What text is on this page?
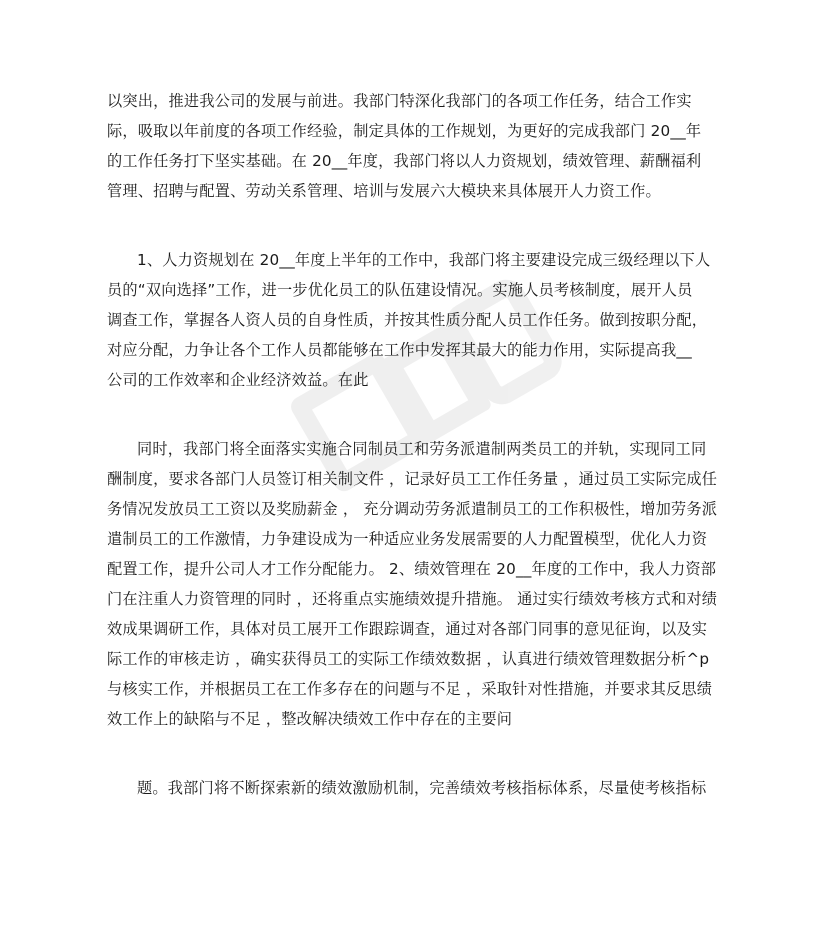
以突出，推进我公司的发展与前进。我部门特深化我部门的各项工作任务，结合工作实
际，吸取以年前度的各项工作经验，制定具体的工作规划，为更好的完成我部门 20__年
的工作任务打下坚实基础。在 20__年度，我部门将以人力资规划，绩效管理、薪酬福利
管理、招聘与配置、劳动关系管理、培训与发展六大模块来具体展开人力资工作。
1、人力资规划在 20__年度上半年的工作中，我部门将主要建设完成三级经理以下人
员的“双向选择”工作，进一步优化员工的队伍建设情况。实施人员考核制度，展开人员
调查工作，掌握各人资人员的自身性质，并按其性质分配人员工作任务。做到按职分配，
对应分配，力争让各个工作人员都能够在工作中发挥其最大的能力作用，实际提高我__
公司的工作效率和企业经济效益。在此
同时，我部门将全面落实实施合同制员工和劳务派遣制两类员工的并轨，实现同工同
酬制度，要求各部门人员签订相关制文件 ，记录好员工工作任务量 ，通过员工实际完成任
务情况发放员工工资以及奖励薪金 ， 充分调动劳务派遣制员工的工作积极性，增加劳务派
遣制员工的工作激情，力争建设成为一种适应业务发展需要的人力配置模型，优化人力资
配置工作，提升公司人才工作分配能力。 2、绩效管理在 20__年度的工作中，我人力资部
门在注重人力资管理的同时 ，还将重点实施绩效提升措施。 通过实行绩效考核方式和对绩
效成果调研工作，具体对员工展开工作跟踪调查，通过对各部门同事的意见征询，以及实
际工作的审核走访 ，确实获得员工的实际工作绩效数据 ，认真进行绩效管理数据分析^p
与核实工作，并根据员工在工作多存在的问题与不足 ，采取针对性措施，并要求其反思绩
效工作上的缺陷与不足 ，整改解决绩效工作中存在的主要问
题。我部门将不断探索新的绩效激励机制，完善绩效考核指标体系，尽量使考核指标
